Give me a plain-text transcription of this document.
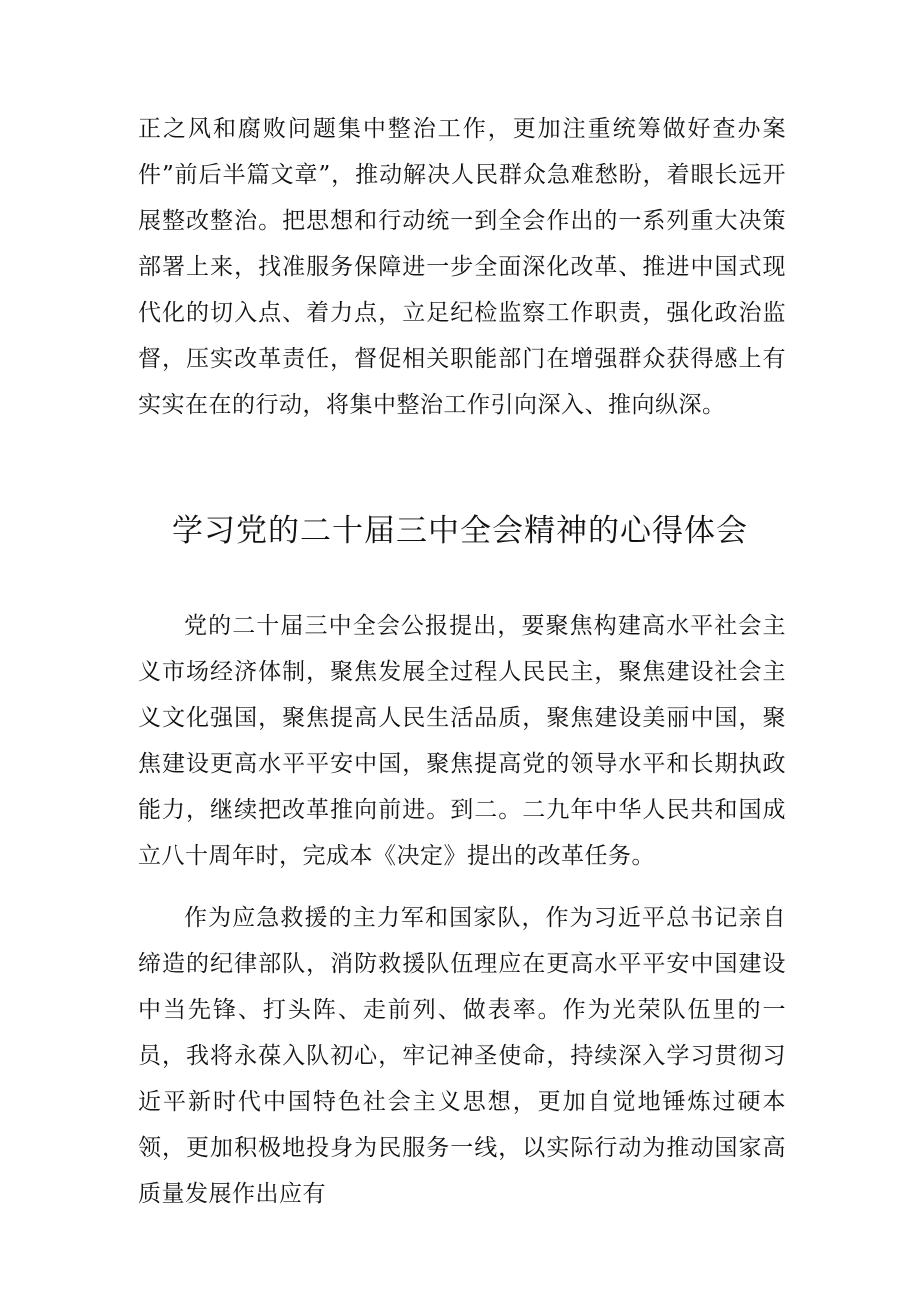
正之风和腐败问题集中整治工作，更加注重统筹做好查办案件”前后半篇文章”，推动解决人民群众急难愁盼，着眼长远开展整改整治。把思想和行动统一到全会作出的一系列重大决策部署上来，找准服务保障进一步全面深化改革、推进中国式现代化的切入点、着力点，立足纪检监察工作职责，强化政治监督，压实改革责任，督促相关职能部门在增强群众获得感上有实实在在的行动，将集中整治工作引向深入、推向纵深。

学习党的二十届三中全会精神的心得体会

党的二十届三中全会公报提出，要聚焦构建高水平社会主义市场经济体制，聚焦发展全过程人民民主，聚焦建设社会主义文化强国，聚焦提高人民生活品质，聚焦建设美丽中国，聚焦建设更高水平平安中国，聚焦提高党的领导水平和长期执政能力，继续把改革推向前进。到二。二九年中华人民共和国成立八十周年时，完成本《决定》提出的改革任务。

作为应急救援的主力军和国家队，作为习近平总书记亲自缔造的纪律部队，消防救援队伍理应在更高水平平安中国建设中当先锋、打头阵、走前列、做表率。作为光荣队伍里的一员，我将永葆入队初心，牢记神圣使命，持续深入学习贯彻习近平新时代中国特色社会主义思想，更加自觉地锤炼过硬本领，更加积极地投身为民服务一线，以实际行动为推动国家高质量发展作出应有
